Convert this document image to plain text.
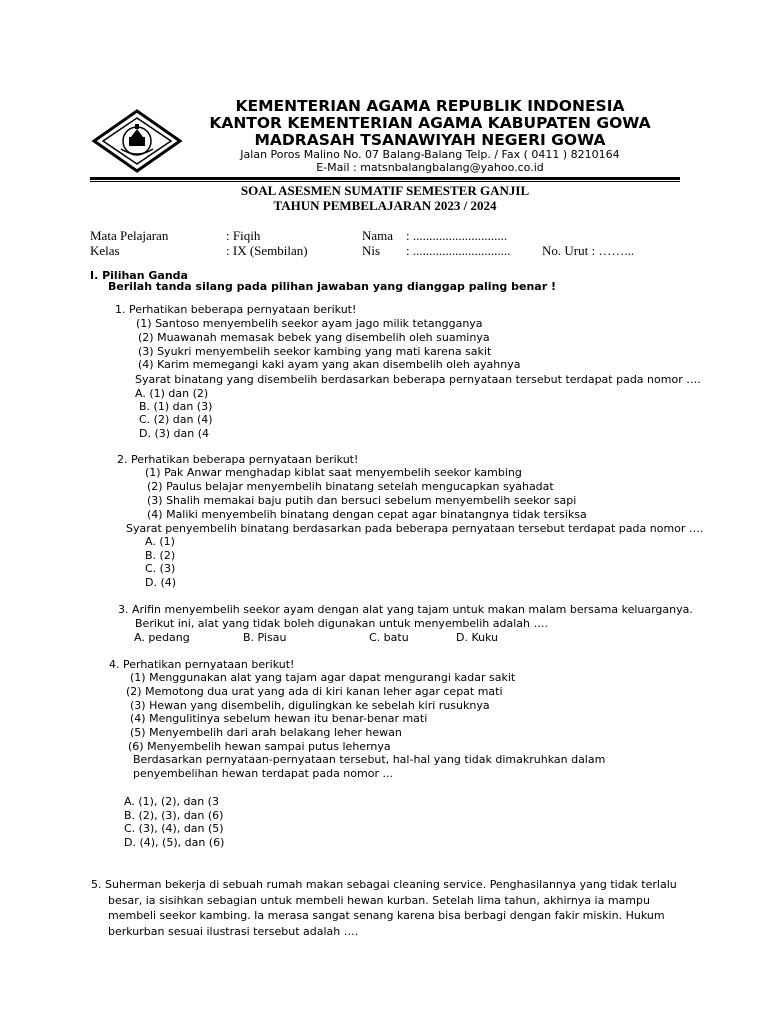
KEMENTERIAN AGAMA REPUBLIK INDONESIA
KANTOR KEMENTERIAN AGAMA KABUPATEN GOWA
MADRASAH TSANAWIYAH NEGERI GOWA
Jalan Poros Malino No. 07 Balang-Balang Telp. / Fax ( 0411 ) 8210164
E-Mail : matsnbalangbalang@yahoo.co.id
SOAL ASESMEN SUMATIF SEMESTER GANJIL
TAHUN PEMBELAJARAN 2023 / 2024
Mata Pelajaran	: Fiqih	Nama : .............................
Kelas	: IX (Sembilan)	Nis : .............................. No. Urut : ……...
I. Pilihan Ganda
Berilah tanda silang pada pilihan jawaban yang dianggap paling benar !
1. Perhatikan beberapa pernyataan berikut!
(1) Santoso menyembelih seekor ayam jago milik tetangganya
(2) Muawanah memasak bebek yang disembelih oleh suaminya
(3) Syukri menyembelih seekor kambing yang mati karena sakit
(4) Karim memegangi kaki ayam yang akan disembelih oleh ayahnya
Syarat binatang yang disembelih berdasarkan beberapa pernyataan tersebut terdapat pada nomor ….
A. (1) dan (2)
B. (1) dan (3)
C. (2) dan (4)
D. (3) dan (4
2. Perhatikan beberapa pernyataan berikut!
(1) Pak Anwar menghadap kiblat saat menyembelih seekor kambing
(2) Paulus belajar menyembelih binatang setelah mengucapkan syahadat
(3) Shalih memakai baju putih dan bersuci sebelum menyembelih seekor sapi
(4) Maliki menyembelih binatang dengan cepat agar binatangnya tidak tersiksa
Syarat penyembelih binatang berdasarkan pada beberapa pernyataan tersebut terdapat pada nomor ….
A. (1)
B. (2)
C. (3)
D. (4)
3. Arifin menyembelih seekor ayam dengan alat yang tajam untuk makan malam bersama keluarganya.
Berikut ini, alat yang tidak boleh digunakan untuk menyembelih adalah ….
A. pedang	B. Pisau	C. batu	D. Kuku
4. Perhatikan pernyataan berikut!
(1) Menggunakan alat yang tajam agar dapat mengurangi kadar sakit
(2) Memotong dua urat yang ada di kiri kanan leher agar cepat mati
(3) Hewan yang disembelih, digulingkan ke sebelah kiri rusuknya
(4) Mengulitinya sebelum hewan itu benar-benar mati
(5) Menyembelih dari arah belakang leher hewan
(6) Menyembelih hewan sampai putus lehernya
Berdasarkan pernyataan-pernyataan tersebut, hal-hal yang tidak dimakruhkan dalam
penyembelihan hewan terdapat pada nomor ...
A. (1), (2), dan (3
B. (2), (3), dan (6)
C. (3), (4), dan (5)
D. (4), (5), dan (6)
5. Suherman bekerja di sebuah rumah makan sebagai cleaning service. Penghasilannya yang tidak terlalu
besar, ia sisihkan sebagian untuk membeli hewan kurban. Setelah lima tahun, akhirnya ia mampu
membeli seekor kambing. Ia merasa sangat senang karena bisa berbagi dengan fakir miskin. Hukum
berkurban sesuai ilustrasi tersebut adalah ….
